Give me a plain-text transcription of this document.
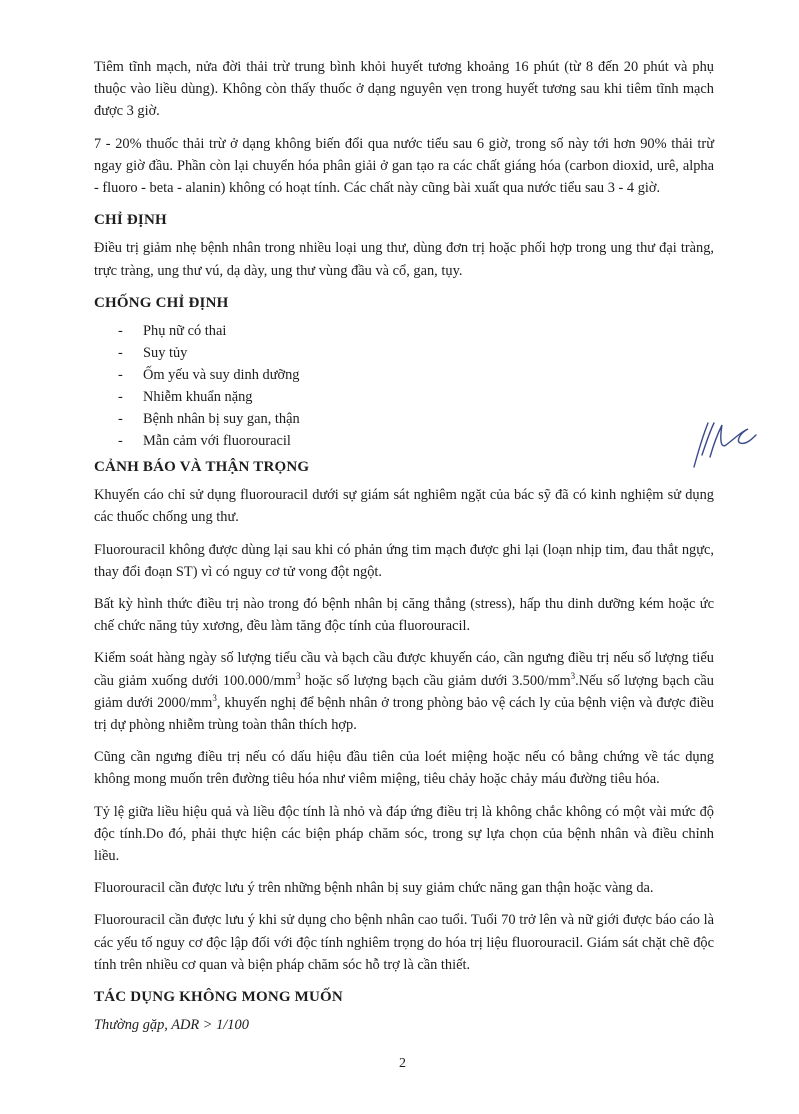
Tiêm tĩnh mạch, nửa đời thải trừ trung bình khỏi huyết tương khoảng 16 phút (từ 8 đến 20 phút và phụ thuộc vào liều dùng). Không còn thấy thuốc ở dạng nguyên vẹn trong huyết tương sau khi tiêm tĩnh mạch được 3 giờ.

7 - 20% thuốc thải trừ ở dạng không biến đổi qua nước tiểu sau 6 giờ, trong số này tới hơn 90% thải trừ ngay giờ đầu. Phần còn lại chuyển hóa phân giải ở gan tạo ra các chất giáng hóa (carbon dioxid, urê, alpha - fluoro - beta - alanin) không có hoạt tính. Các chất này cũng bài xuất qua nước tiểu sau 3 - 4 giờ.

CHỈ ĐỊNH

Điều trị giảm nhẹ bệnh nhân trong nhiều loại ung thư, dùng đơn trị hoặc phối hợp trong ung thư đại tràng, trực tràng, ung thư vú, dạ dày, ung thư vùng đầu và cổ, gan, tụy.

CHỐNG CHỈ ĐỊNH
- Phụ nữ có thai
- Suy tủy
- Ốm yếu và suy dinh dưỡng
- Nhiễm khuẩn nặng
- Bệnh nhân bị suy gan, thận
- Mẫn cảm với fluorouracil
CẢNH BÁO VÀ THẬN TRỌNG

Khuyến cáo chỉ sử dụng fluorouracil dưới sự giám sát nghiêm ngặt của bác sỹ đã có kinh nghiệm sử dụng các thuốc chống ung thư.

Fluorouracil không được dùng lại sau khi có phản ứng tim mạch được ghi lại (loạn nhịp tim, đau thắt ngực, thay đổi đoạn ST) vì có nguy cơ tử vong đột ngột.

Bất kỳ hình thức điều trị nào trong đó bệnh nhân bị căng thẳng (stress), hấp thu dinh dưỡng kém hoặc ức chế chức năng tủy xương, đều làm tăng độc tính của fluorouracil.

Kiểm soát hàng ngày số lượng tiểu cầu và bạch cầu được khuyến cáo, cần ngưng điều trị nếu số lượng tiểu cầu giảm xuống dưới $100.000/mm^3$ hoặc số lượng bạch cầu giảm dưới $3.500/mm^3.Nếu$ số lượng bạch cầu giảm dưới $2000/mm^3$, khuyến nghị để bệnh nhân ở trong phòng bảo vệ cách ly của bệnh viện và được điều trị dự phòng nhiễm trùng toàn thân thích hợp.

Cũng cần ngưng điều trị nếu có dấu hiệu đầu tiên của loét miệng hoặc nếu có bằng chứng về tác dụng không mong muốn trên đường tiêu hóa như viêm miệng, tiêu chảy hoặc chảy máu đường tiêu hóa.

Tỷ lệ giữa liều hiệu quả và liều độc tính là nhỏ và đáp ứng điều trị là không chắc không có một vài mức độ độc tính.Do đó, phải thực hiện các biện pháp chăm sóc, trong sự lựa chọn của bệnh nhân và điều chỉnh liều.

Fluorouracil cần được lưu ý trên những bệnh nhân bị suy giảm chức năng gan thận hoặc vàng da.

Fluorouracil cần được lưu ý khi sử dụng cho bệnh nhân cao tuổi. Tuổi 70 trở lên và nữ giới được báo cáo là các yếu tố nguy cơ độc lập đối với độc tính nghiêm trọng do hóa trị liệu fluorouracil. Giám sát chặt chẽ độc tính trên nhiều cơ quan và biện pháp chăm sóc hỗ trợ là cần thiết.

TÁC DỤNG KHÔNG MONG MUỐN
Thường gặp, ADR > 1/100
2
